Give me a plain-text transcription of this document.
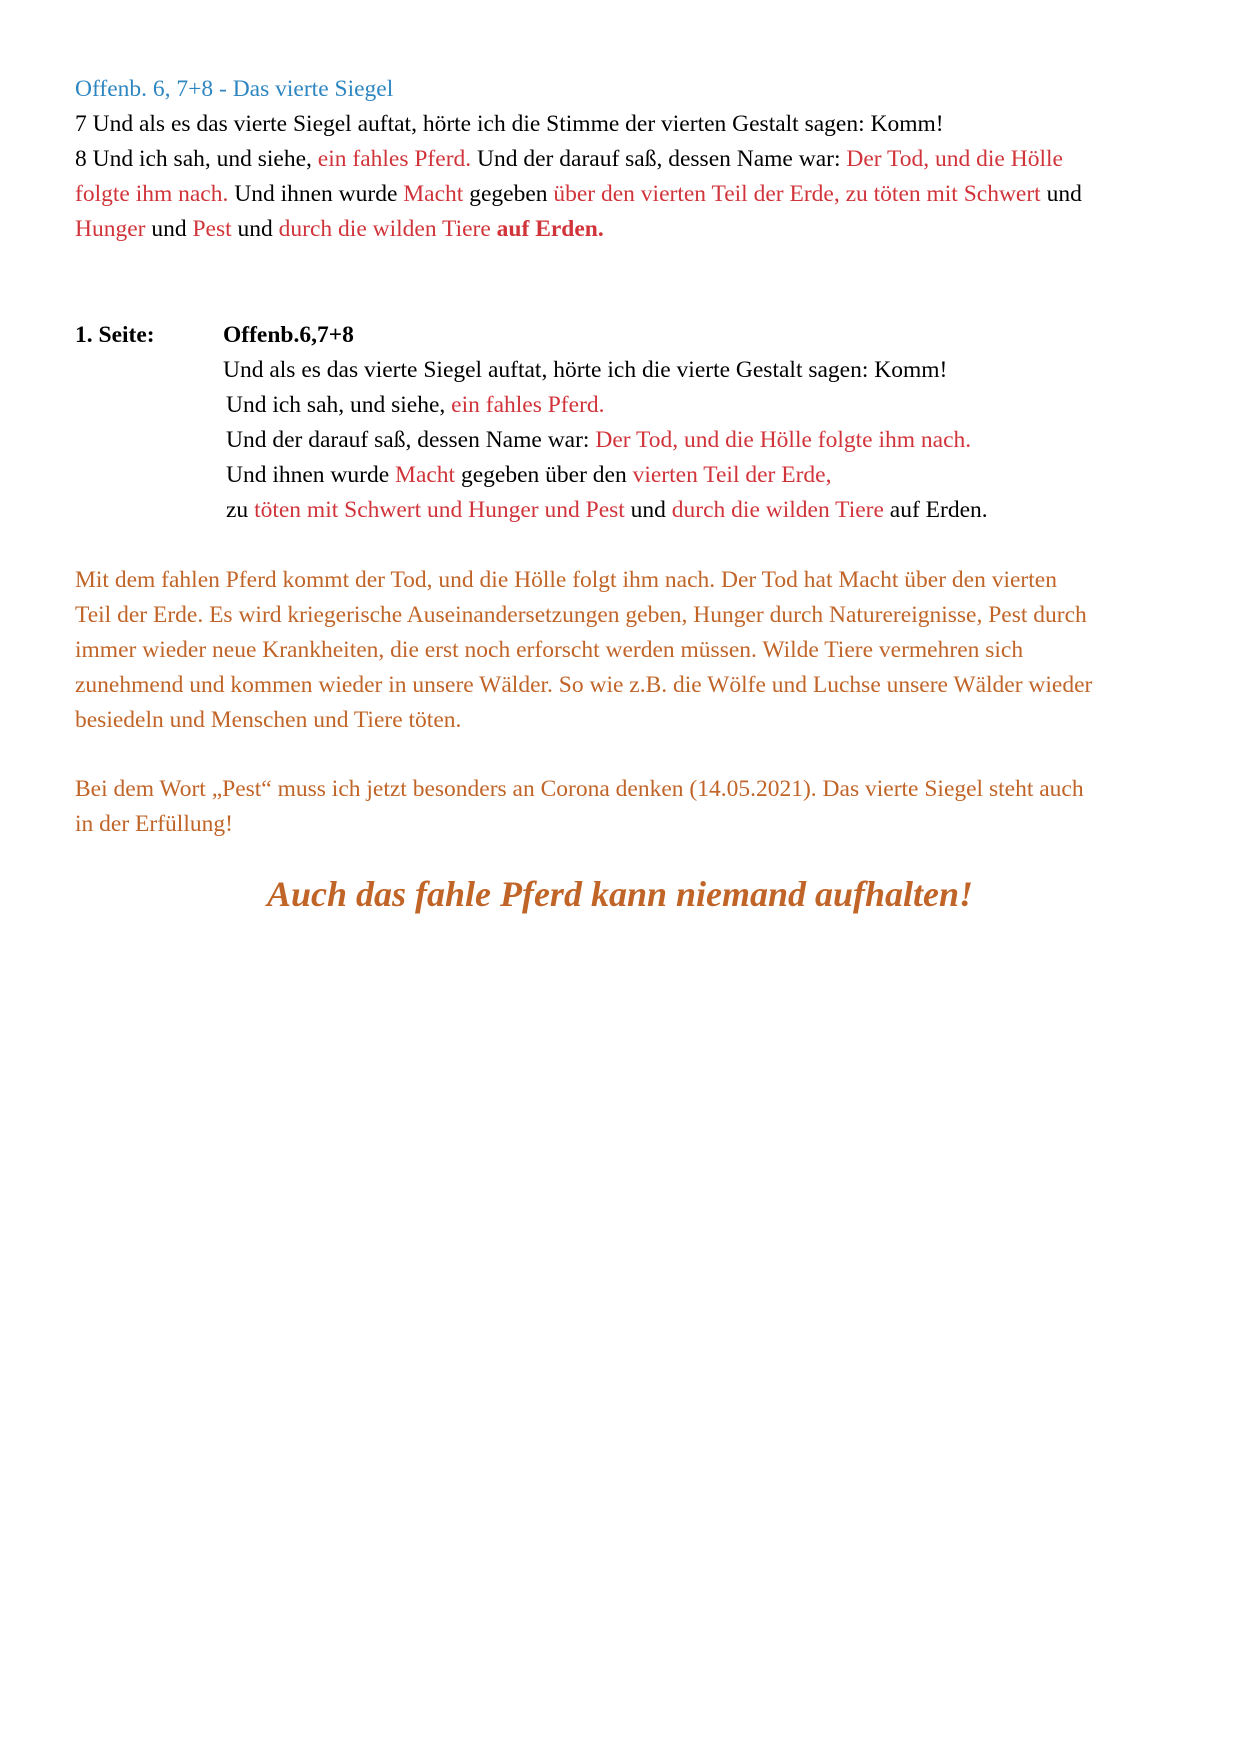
Offenb. 6, 7+8 - Das vierte Siegel

7 Und als es das vierte Siegel auftat, hörte ich die Stimme der vierten Gestalt sagen: Komm!

8 Und ich sah, und siehe, ein fahles Pferd. Und der darauf saß, dessen Name war: Der Tod, und die Hölle

folgte ihm nach. Und ihnen wurde Macht gegeben über den vierten Teil der Erde, zu töten mit Schwert und

Hunger und Pest und durch die wilden Tiere auf Erden.

1. Seite:	Offenb.6,7+8

Und als es das vierte Siegel auftat, hörte ich die vierte Gestalt sagen: Komm!

Und ich sah, und siehe, ein fahles Pferd.

Und der darauf saß, dessen Name war: Der Tod, und die Hölle folgte ihm nach.

Und ihnen wurde Macht gegeben über den vierten Teil der Erde,

zu töten mit Schwert und Hunger und Pest und durch die wilden Tiere auf Erden.

Mit dem fahlen Pferd kommt der Tod, und die Hölle folgt ihm nach. Der Tod hat Macht über den vierten

Teil der Erde. Es wird kriegerische Auseinandersetzungen geben, Hunger durch Naturereignisse, Pest durch

immer wieder neue Krankheiten, die erst noch erforscht werden müssen. Wilde Tiere vermehren sich

zunehmend und kommen wieder in unsere Wälder. So wie z.B. die Wölfe und Luchse unsere Wälder wieder

besiedeln und Menschen und Tiere töten.

Bei dem Wort „Pest“ muss ich jetzt besonders an Corona denken (14.05.2021). Das vierte Siegel steht auch

in der Erfüllung!

Auch das fahle Pferd kann niemand aufhalten!
